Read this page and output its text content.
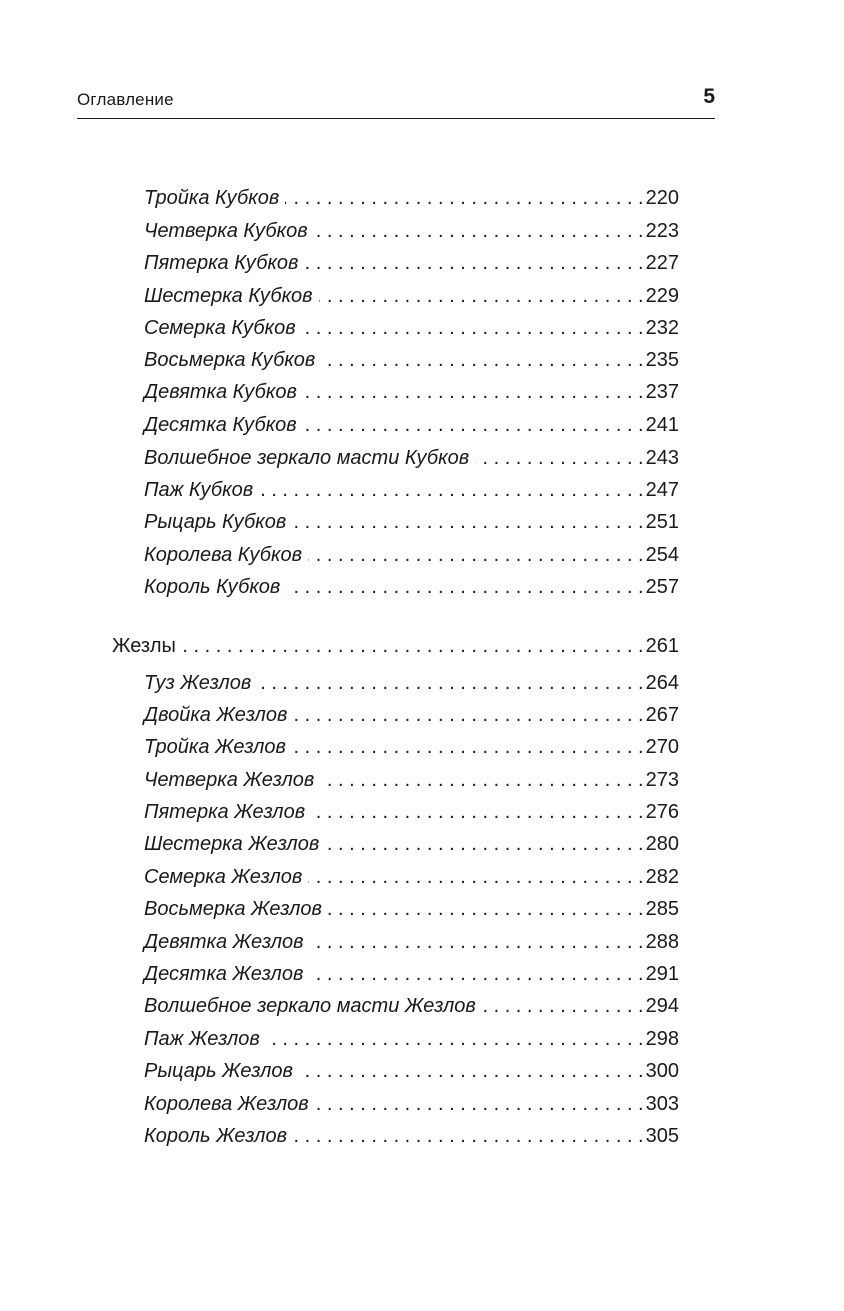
Оглавление	5
Тройка Кубков . . .	220
Четверка Кубков . . .	223
Пятерка Кубков . . .	227
Шестерка Кубков . . .	229
Семерка Кубков . . .	232
Восьмерка Кубков . . .	235
Девятка Кубков . . .	237
Десятка Кубков . . .	241
Волшебное зеркало масти Кубков . . .	243
Паж Кубков . . .	247
Рыцарь Кубков . . .	251
Королева Кубков . . .	254
Король Кубков . . .	257
Жезлы . . .	261
Туз Жезлов . . .	264
Двойка Жезлов . . .	267
Тройка Жезлов . . .	270
Четверка Жезлов . . .	273
Пятерка Жезлов . . .	276
Шестерка Жезлов . . .	280
Семерка Жезлов . . .	282
Восьмерка Жезлов . . .	285
Девятка Жезлов . . .	288
Десятка Жезлов . . .	291
Волшебное зеркало масти Жезлов . . .	294
Паж Жезлов . . .	298
Рыцарь Жезлов . . .	300
Королева Жезлов . . .	303
Король Жезлов . . .	305
